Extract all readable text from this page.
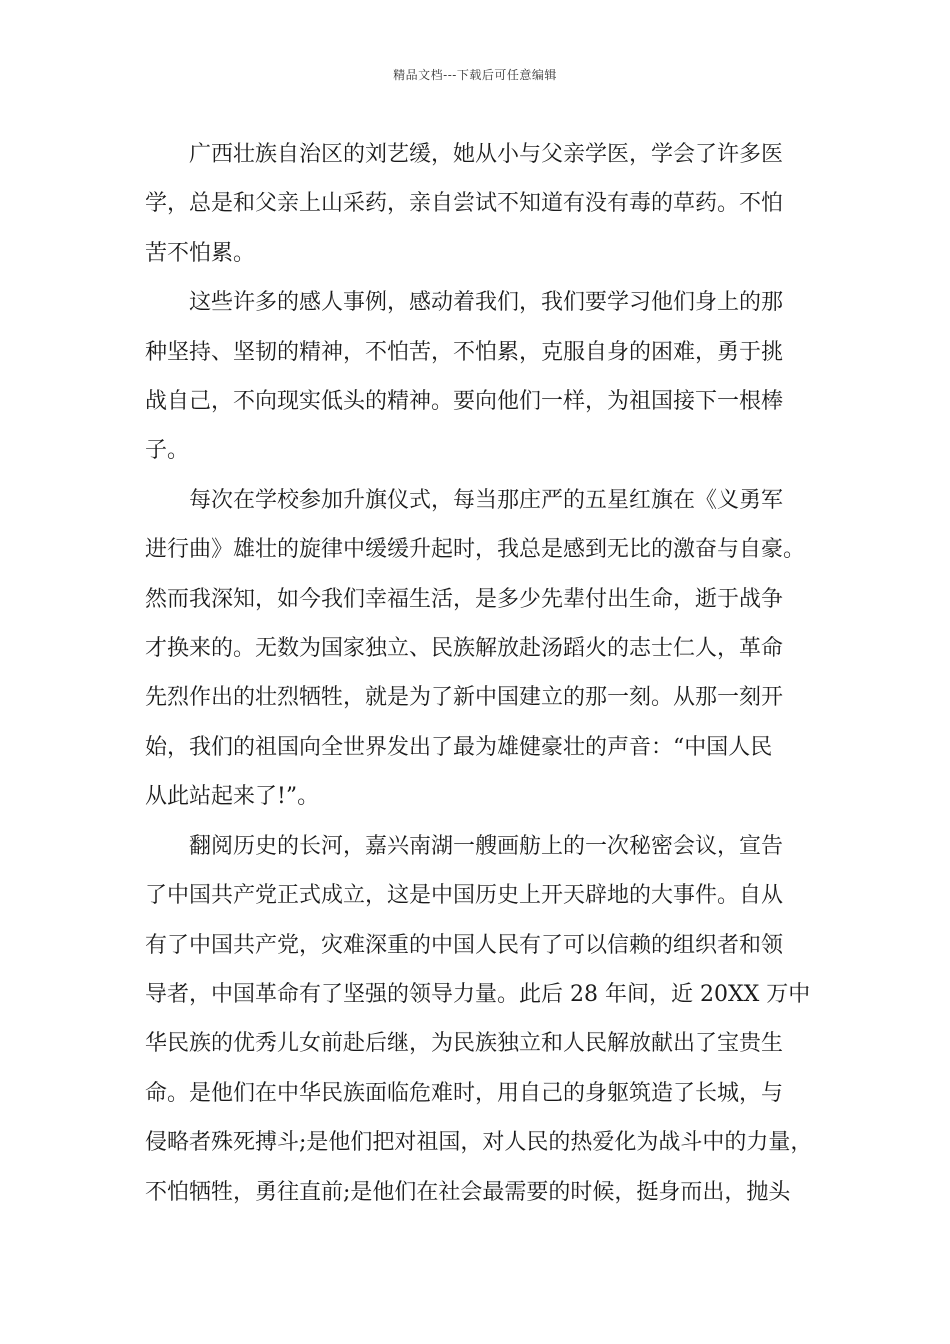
精品文档---下载后可任意编辑

广西壮族自治区的刘艺缓，她从小与父亲学医，学会了许多医
学，总是和父亲上山采药，亲自尝试不知道有没有毒的草药。不怕
苦不怕累。

这些许多的感人事例，感动着我们，我们要学习他们身上的那
种坚持、坚韧的精神，不怕苦，不怕累，克服自身的困难，勇于挑
战自己，不向现实低头的精神。要向他们一样，为祖国接下一根棒
子。

每次在学校参加升旗仪式，每当那庄严的五星红旗在《义勇军
进行曲》雄壮的旋律中缓缓升起时，我总是感到无比的激奋与自豪。
然而我深知，如今我们幸福生活，是多少先辈付出生命，逝于战争
才换来的。无数为国家独立、民族解放赴汤蹈火的志士仁人，革命
先烈作出的壮烈牺牲，就是为了新中国建立的那一刻。从那一刻开
始，我们的祖国向全世界发出了最为雄健豪壮的声音：“中国人民
从此站起来了!”。

翻阅历史的长河，嘉兴南湖一艘画舫上的一次秘密会议，宣告
了中国共产党正式成立，这是中国历史上开天辟地的大事件。自从
有了中国共产党，灾难深重的中国人民有了可以信赖的组织者和领
导者，中国革命有了坚强的领导力量。此后 28 年间，近 20XX 万中
华民族的优秀儿女前赴后继，为民族独立和人民解放献出了宝贵生
命。是他们在中华民族面临危难时，用自己的身躯筑造了长城，与
侵略者殊死搏斗;是他们把对祖国，对人民的热爱化为战斗中的力量，
不怕牺牲，勇往直前;是他们在社会最需要的时候，挺身而出，抛头
